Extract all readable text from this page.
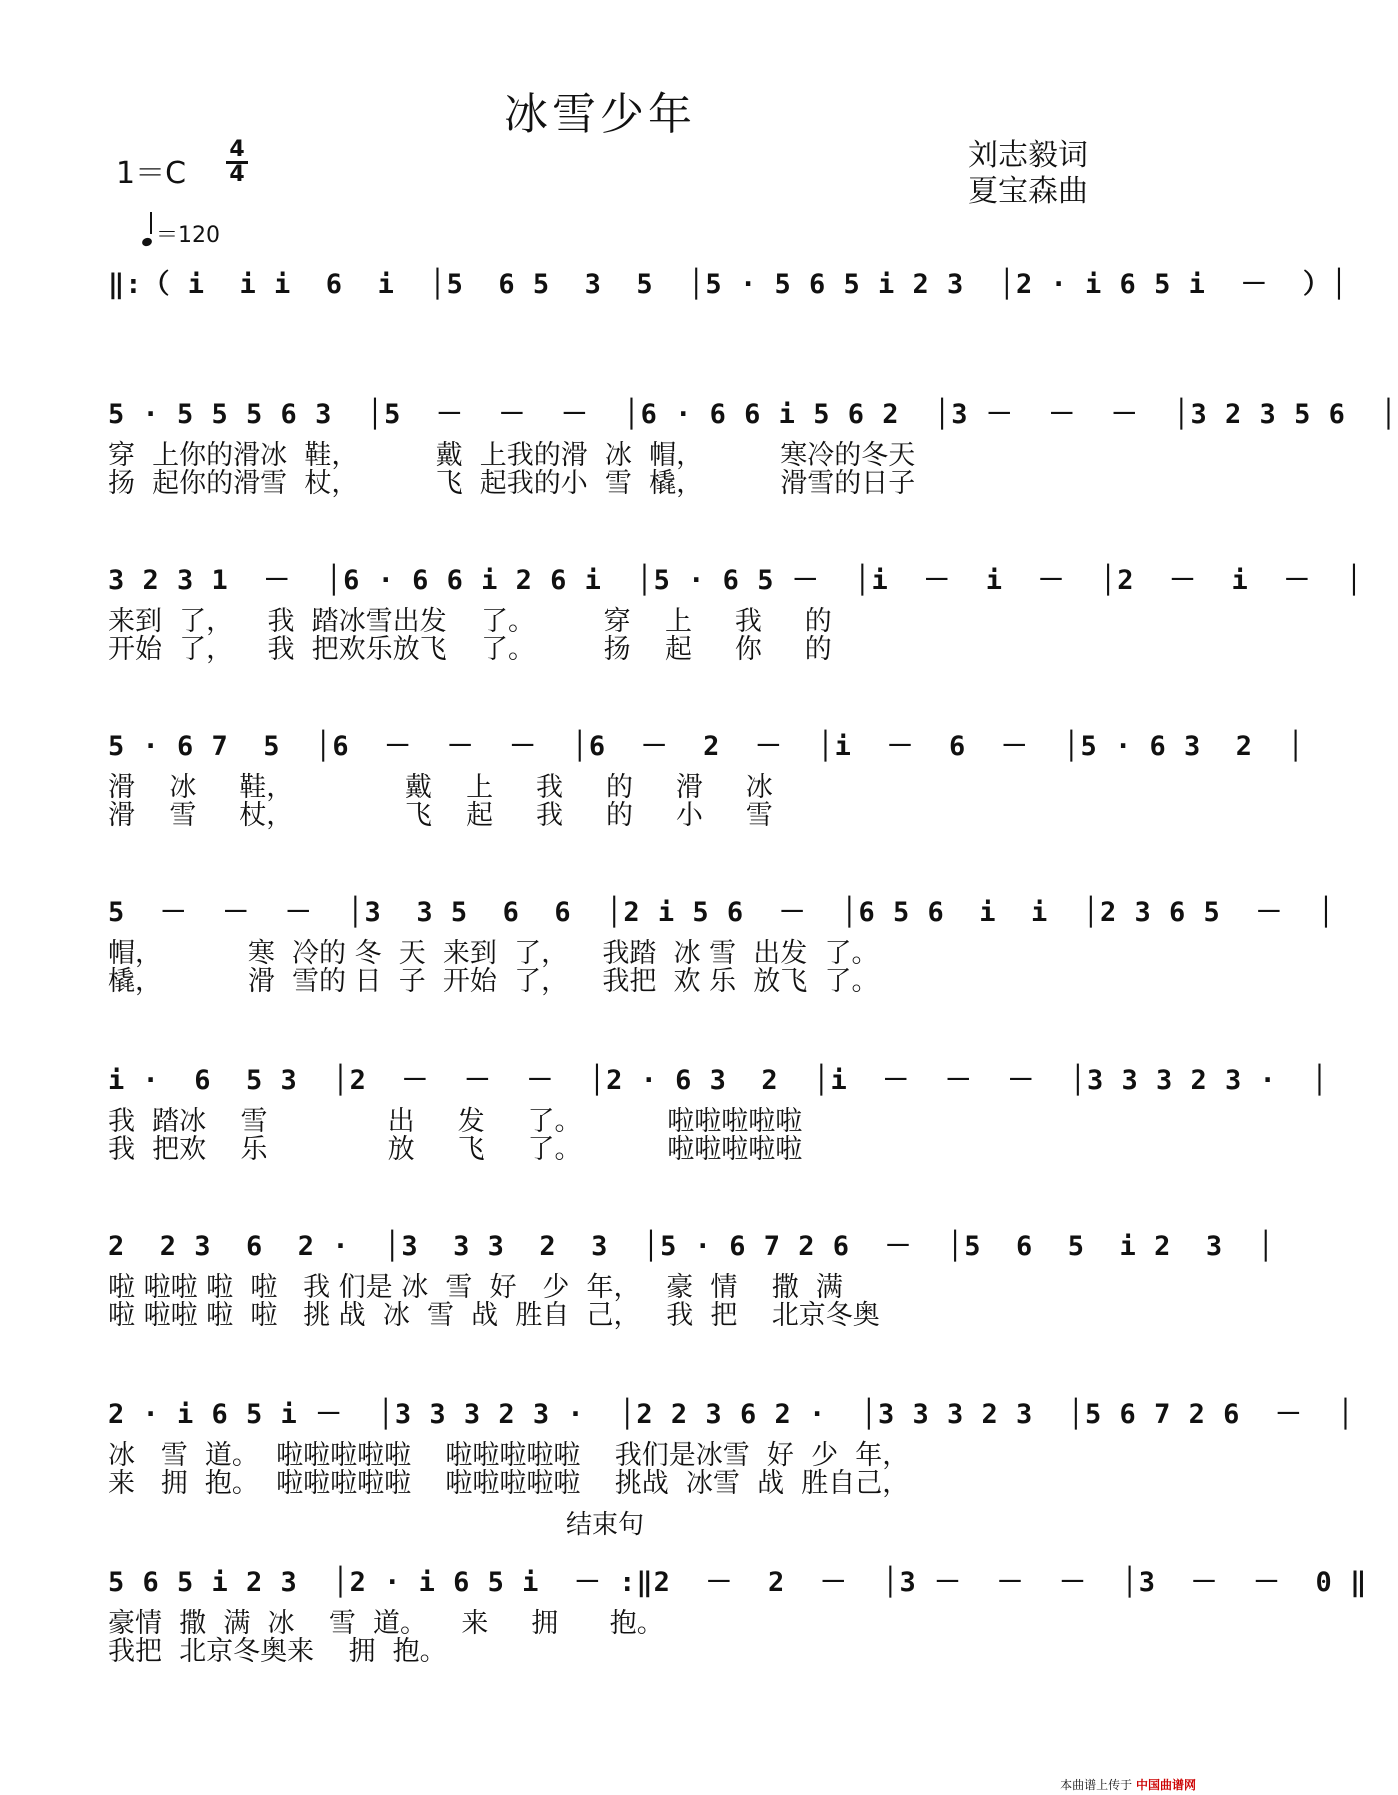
冰雪少年
1＝C
4
4
刘志毅词
夏宝森曲
＝120
‖:（ i  i i  6  i  │5  6 5  3  5  │5 · 5 6 5 i 2 3  │2 · i 6 5 i  －  ）│
5 · 5 5 5 6 3  │5  －  －  －  │6 · 6 6 i 5 6 2  │3 －  －  －  │3 2 3 5 6  │
穿  上你的滑冰  鞋，         戴  上我的滑  冰  帽，         寒冷的冬天
扬  起你的滑雪  杖，         飞  起我的小  雪  橇，         滑雪的日子
3 2 3 1  －  │6 · 6 6 i 2 6 i  │5 · 6 5 －  │i  －  i  －  │2  －  i  －  │
来到  了，    我  踏冰雪出发    了。        穿    上     我     的
开始  了，    我  把欢乐放飞    了。        扬    起     你     的
5 · 6 7  5  │6  －  －  －  │6  －  2  －  │i  －  6  －  │5 · 6 3  2  │
滑    冰     鞋，             戴    上     我     的     滑     冰
滑    雪     杖，             飞    起     我     的     小     雪
5  －  －  －  │3  3 5  6  6  │2 i 5 6  －  │6 5 6  i  i  │2 3 6 5  －  │
帽，          寒  冷的 冬  天  来到  了，    我踏  冰 雪  出发  了。
橇，          滑  雪的 日  子  开始  了，    我把  欢 乐  放飞  了。
i ·  6  5 3  │2  －  －  －  │2 · 6 3  2  │i  －  －  －  │3 3 3 2 3 ·  │
我  踏冰    雪              出     发     了。          啦啦啦啦啦
我  把欢    乐              放     飞     了。          啦啦啦啦啦
2  2 3  6  2 ·  │3  3 3  2  3  │5 · 6 7 2 6  －  │5  6  5  i 2  3  │
啦 啦啦 啦  啦   我 们是 冰  雪  好   少  年，   豪  情    撒  满
啦 啦啦 啦  啦   挑 战  冰  雪  战  胜自  己，   我  把    北京冬奥
2 · i 6 5 i －  │3 3 3 2 3 ·  │2 2 3 6 2 ·  │3 3 3 2 3  │5 6 7 2 6  －  │
冰   雪  道。  啦啦啦啦啦    啦啦啦啦啦    我们是冰雪  好  少  年，
来   拥  抱。  啦啦啦啦啦    啦啦啦啦啦    挑战  冰雪  战  胜自己，
5 6 5 i 2 3  │2 · i 6 5 i  － :‖2  －  2  －  │3 －  －  －  │3  －  －  0 ‖
豪情  撒  满  冰    雪  道。    来     拥      抱。
我把  北京冬奥来    拥  抱。
结束句
本曲谱上传于 中国曲谱网
